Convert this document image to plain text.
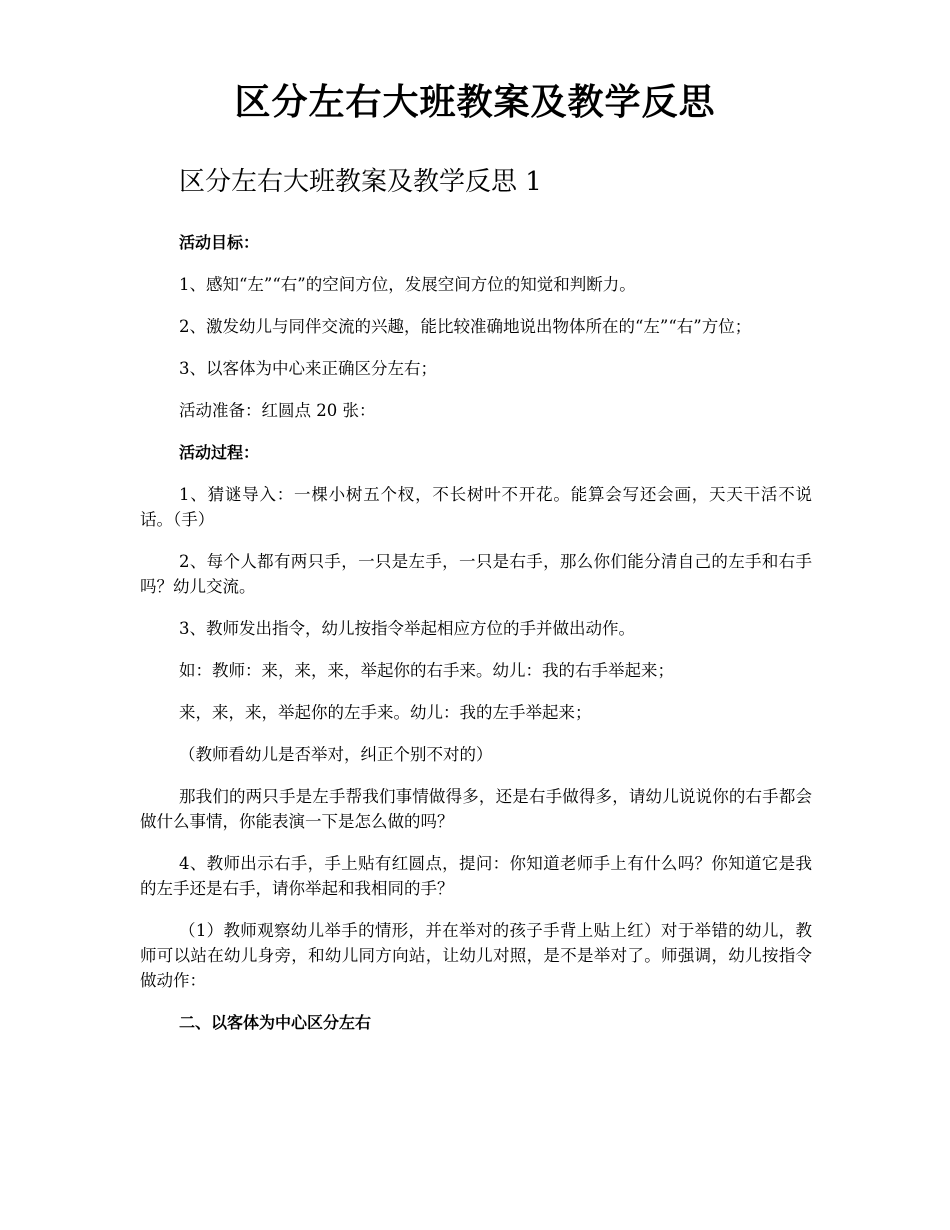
区分左右大班教案及教学反思
区分左右大班教案及教学反思 1

活动目标：

1、感知“左”“右”的空间方位，发展空间方位的知觉和判断力。

2、激发幼儿与同伴交流的兴趣，能比较准确地说出物体所在的“左”“右”方位；

3、以客体为中心来正确区分左右；

活动准备：红圆点 20 张：

活动过程：

1、猜谜导入：一棵小树五个杈，不长树叶不开花。能算会写还会画，天天干活不说话。（手）

2、每个人都有两只手，一只是左手，一只是右手，那么你们能分清自己的左手和右手吗？幼儿交流。

3、教师发出指令，幼儿按指令举起相应方位的手并做出动作。

如：教师：来，来，来，举起你的右手来。幼儿：我的右手举起来；

来，来，来，举起你的左手来。幼儿：我的左手举起来；

（教师看幼儿是否举对，纠正个别不对的）

那我们的两只手是左手帮我们事情做得多，还是右手做得多，请幼儿说说你的右手都会做什么事情，你能表演一下是怎么做的吗？

4、教师出示右手，手上贴有红圆点，提问：你知道老师手上有什么吗？你知道它是我的左手还是右手，请你举起和我相同的手？

（1）教师观察幼儿举手的情形，并在举对的孩子手背上贴上红）对于举错的幼儿，教师可以站在幼儿身旁，和幼儿同方向站，让幼儿对照，是不是举对了。师强调，幼儿按指令做动作：

二、以客体为中心区分左右
